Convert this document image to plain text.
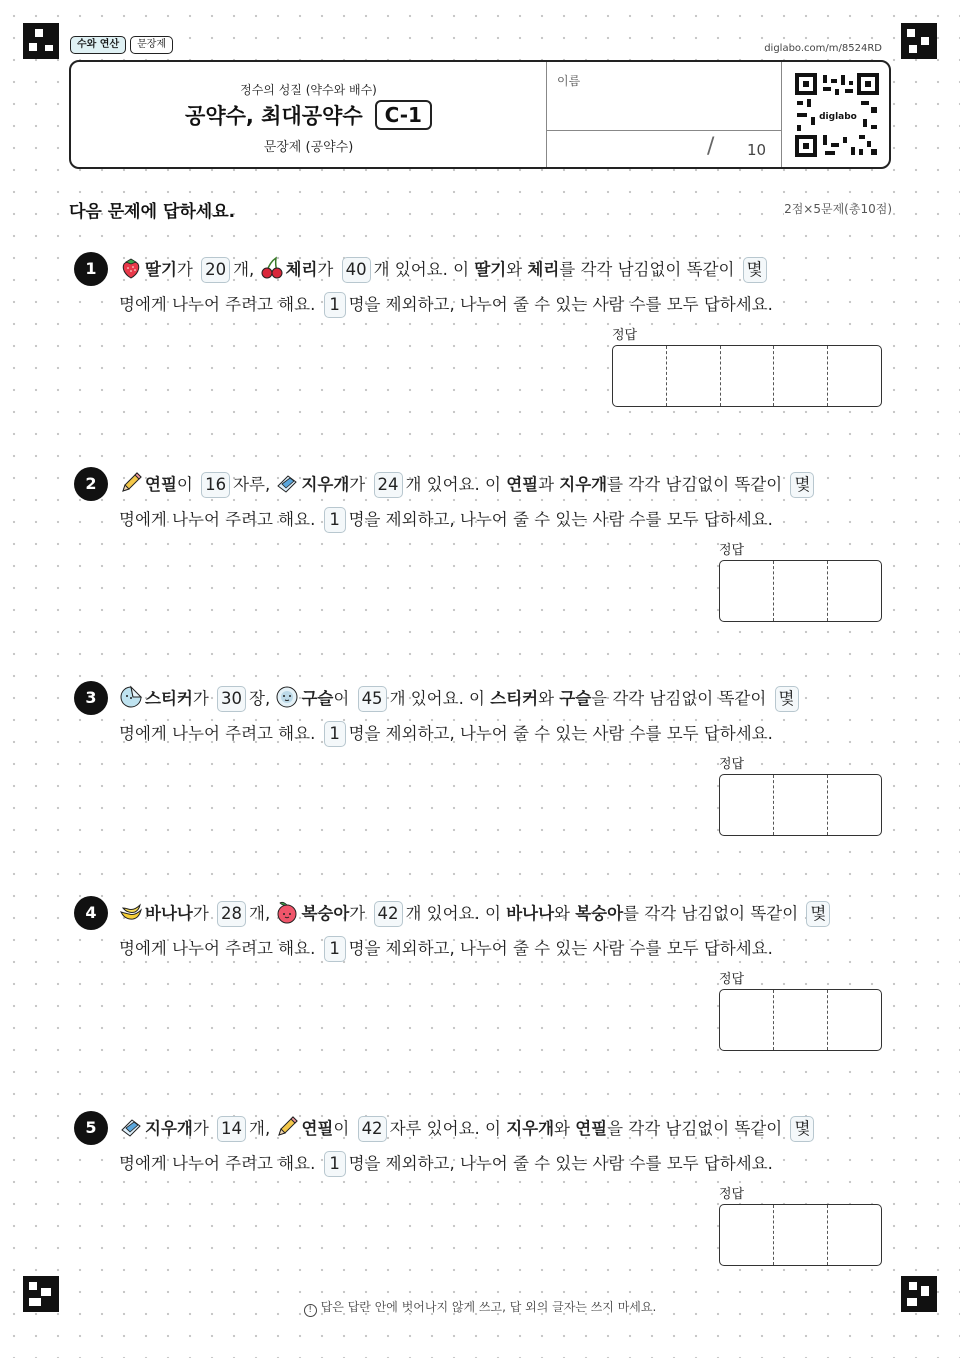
수와 연산	문장제	diglabo.com/m/8524RD
정수의 성질 (약수와 배수)
공약수, 최대공약수	C-1
문장제 (공약수)
이름
/ 10
diglabo
다음 문제에 답하세요.	2점×5문제(총10점)
1	딸기가 20 개, 체리가 40 개 있어요. 이 딸기와 체리를 각각 남김없이 똑같이 몇 명에게 나누어 주려고 해요. 1 명을 제외하고, 나누어 줄 수 있는 사람 수를 모두 답하세요.
정답
2	연필이 16 자루, 지우개가 24 개 있어요. 이 연필과 지우개를 각각 남김없이 똑같이 몇 명에게 나누어 주려고 해요. 1 명을 제외하고, 나누어 줄 수 있는 사람 수를 모두 답하세요.
정답
3	스티커가 30 장, 구슬이 45 개 있어요. 이 스티커와 구슬을 각각 남김없이 똑같이 몇 명에게 나누어 주려고 해요. 1 명을 제외하고, 나누어 줄 수 있는 사람 수를 모두 답하세요.
정답
4	바나나가 28 개, 복숭아가 42 개 있어요. 이 바나나와 복숭아를 각각 남김없이 똑같이 몇 명에게 나누어 주려고 해요. 1 명을 제외하고, 나누어 줄 수 있는 사람 수를 모두 답하세요.
정답
5	지우개가 14 개, 연필이 42 자루 있어요. 이 지우개와 연필을 각각 남김없이 똑같이 몇 명에게 나누어 주려고 해요. 1 명을 제외하고, 나누어 줄 수 있는 사람 수를 모두 답하세요.
정답
! 답은 답란 안에 벗어나지 않게 쓰고, 답 외의 글자는 쓰지 마세요.
